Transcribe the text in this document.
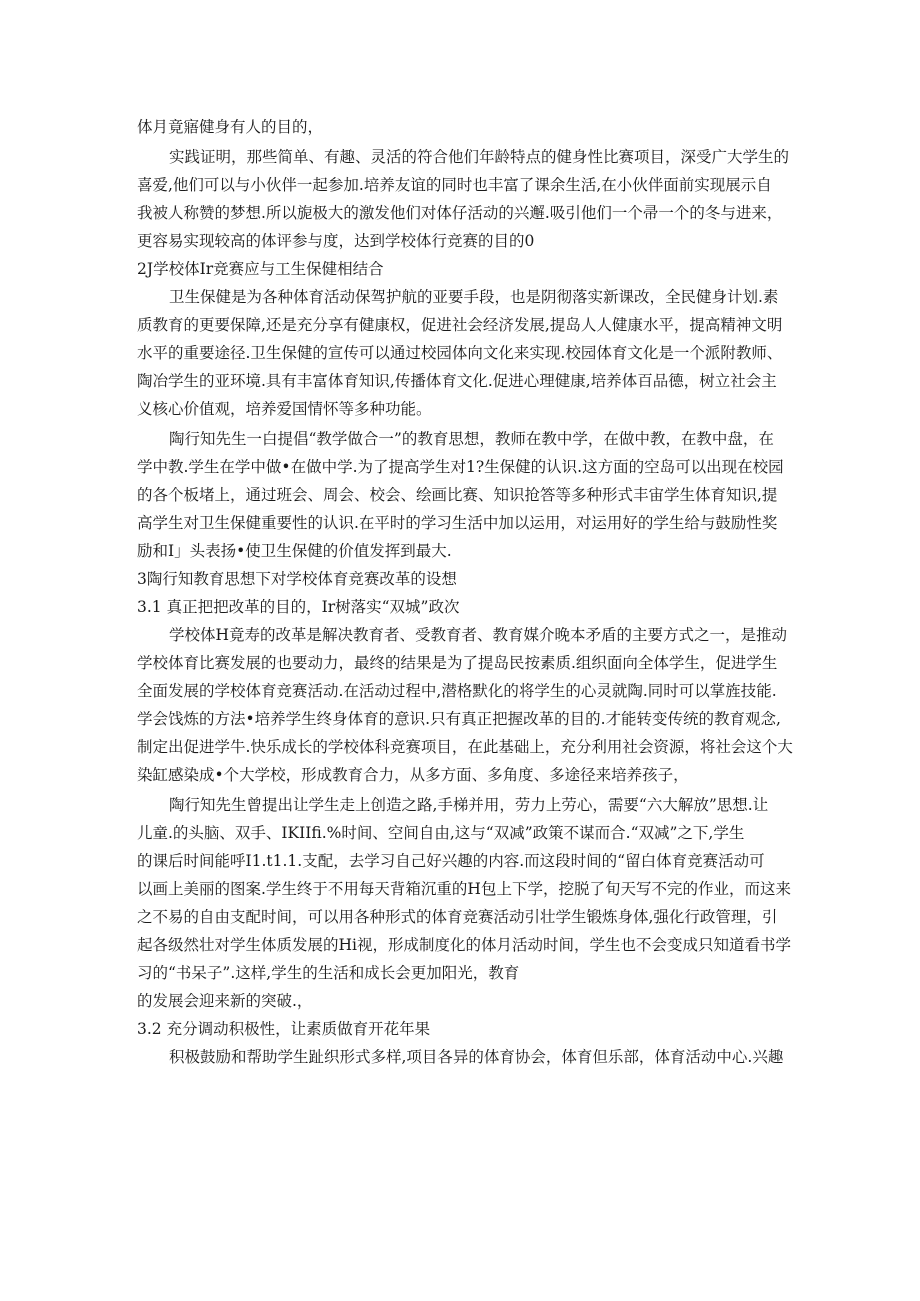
体月竟寤健身有人的目的，
实践证明，那些简单、有趣、灵活的符合他们年龄特点的健身性比赛项目，深受广大学生的
喜爱,他们可以与小伙伴一起参加.培养友谊的同时也丰富了课余生活,在小伙伴面前实现展示自
我被人称赞的梦想.所以旎极大的激发他们对体仔活动的兴邂.吸引他们一个帚一个的冬与进来，
更容易实现较高的体评参与度，达到学校体行竞赛的目的0
2J学校体Ir竞赛应与工生保健相结合
卫生保健是为各种体育活动保驾护航的亚要手段，也是阴彻落实新课改，全民健身计划.素
质教育的更要保障,还是充分享有健康权，促进社会经济发展,提岛人人健康水平，提高精神文明
水平的重要途径.卫生保健的宣传可以通过校园体向文化来实现.校园体育文化是一个派附教师、
陶冶学生的亚环境.具有丰富体育知识,传播体育文化.促进心理健康,培养体百品德，树立社会主
义核心价值观，培养爱国情怀等多种功能。
陶行知先生一白提倡“教学做合一”的教育思想，教师在教中学，在做中教，在教中盘，在
学中教.学生在学中做•在做中学.为了提高学生对1?生保健的认识.这方面的空岛可以出现在校园
的各个板堵上，通过班会、周会、校会、绘画比赛、知识抢答等多种形式丰宙学生体育知识,提
高学生对卫生保健重要性的认识.在平时的学习生活中加以运用，对运用好的学生给与鼓励性奖
励和I」头表扬•使卫生保健的价值发挥到最大.
3陶行知教育思想下对学校体育竞赛改革的设想
3.1 真正把把改革的目的，Ir树落实“双城”政次
学校体H竟寿的改革是解决教育者、受教育者、教育媒介晚本矛盾的主要方式之一，是推动
学校体育比赛发展的也要动力，最终的结果是为了提岛民按素质.组织面向全体学生，促进学生
全面发展的学校体育竞赛活动.在活动过程中,潜格默化的将学生的心灵就陶.同时可以掌旌技能.
学会饯炼的方法•培养学生终身体育的意识.只有真正把握改革的目的.才能转变传统的教育观念,
制定出促进学牛.快乐成长的学校体科竞赛项目，在此基础上，充分利用社会资源，将社会这个大
染缸感染成•个大学校，形成教育合力，从多方面、多角度、多途径来培养孩子，
陶行知先生曾提出让学生走上创造之路,手梯并用，劳力上劳心，需要“六大解放”思想.让
儿童.的头脑、双手、IKIIfi.%时间、空间自由,这与“双减”政策不谋而合.“双减”之下,学生
的课后时间能呼I1.t1.1.支配，去学习自己好兴趣的内容.而这段时间的“留白体育竞赛活动可
以画上美丽的图案.学生终于不用每天背箱沉重的H包上下学，挖脱了旬天写不完的作业，而这来
之不易的自由支配时间，可以用各种形式的体育竞赛活动引壮学生锻炼身体,强化行政管理，引
起各级然壮对学生体质发展的Hi视，形成制度化的体月活动时间，学生也不会变成只知道看书学
习的“书呆子”.这样,学生的生活和成长会更加阳光，教育
的发展会迎来新的突破.，
3.2 充分调动积极性，让素质做育开花年果
积极鼓励和帮助学生趾织形式多样,项目各异的体育协会，体育但乐部，体育活动中心.兴趣
